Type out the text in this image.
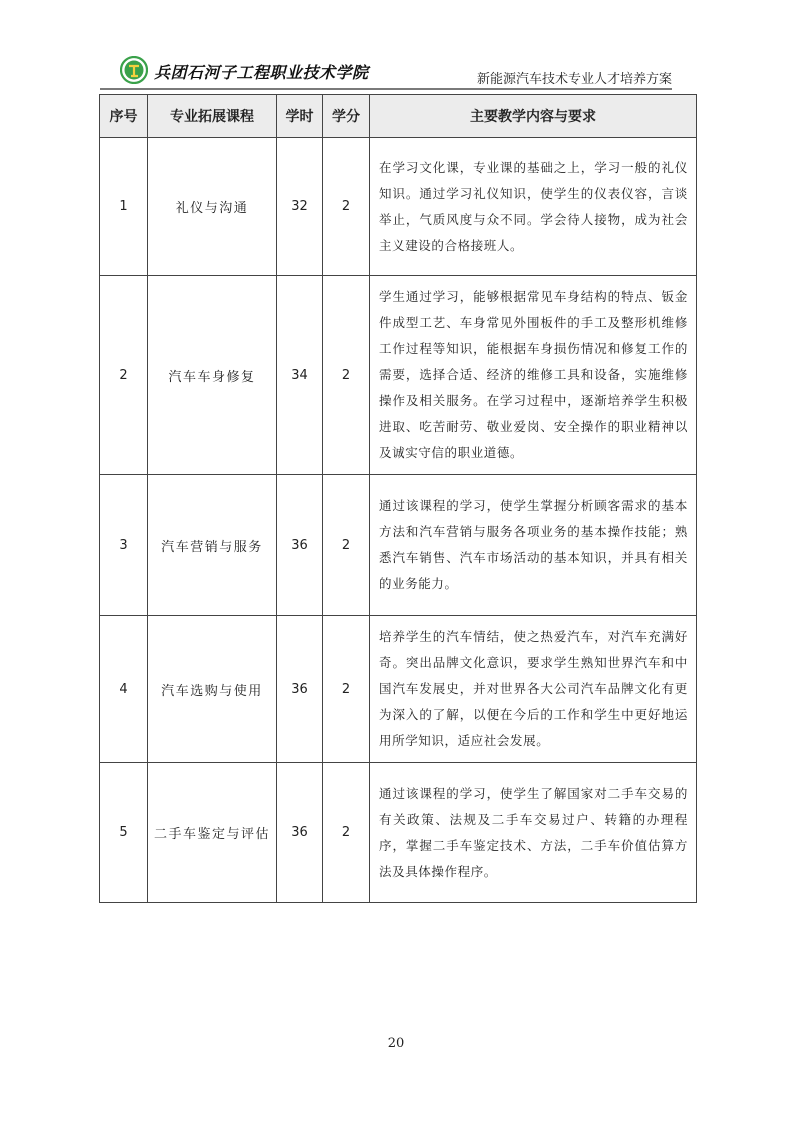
兵团石河子工程职业技术学院	新能源汽车技术专业人才培养方案
序号	专业拓展课程	学时	学分	主要教学内容与要求
1	礼仪与沟通	32	2	在学习文化课，专业课的基础之上，学习一般的礼仪知识。通过学习礼仪知识，使学生的仪表仪容，言谈举止，气质风度与众不同。学会待人接物，成为社会主义建设的合格接班人。
2	汽车车身修复	34	2	学生通过学习，能够根据常见车身结构的特点、钣金件成型工艺、车身常见外围板件的手工及整形机维修工作过程等知识，能根据车身损伤情况和修复工作的需要，选择合适、经济的维修工具和设备，实施维修操作及相关服务。在学习过程中，逐渐培养学生积极进取、吃苦耐劳、敬业爱岗、安全操作的职业精神以及诚实守信的职业道德。
3	汽车营销与服务	36	2	通过该课程的学习，使学生掌握分析顾客需求的基本方法和汽车营销与服务各项业务的基本操作技能；熟悉汽车销售、汽车市场活动的基本知识，并具有相关的业务能力。
4	汽车选购与使用	36	2	培养学生的汽车情结，使之热爱汽车，对汽车充满好奇。突出品牌文化意识，要求学生熟知世界汽车和中国汽车发展史，并对世界各大公司汽车品牌文化有更为深入的了解，以便在今后的工作和学生中更好地运用所学知识，适应社会发展。
5	二手车鉴定与评估	36	2	通过该课程的学习，使学生了解国家对二手车交易的有关政策、法规及二手车交易过户、转籍的办理程序，掌握二手车鉴定技术、方法，二手车价值估算方法及具体操作程序。
20
